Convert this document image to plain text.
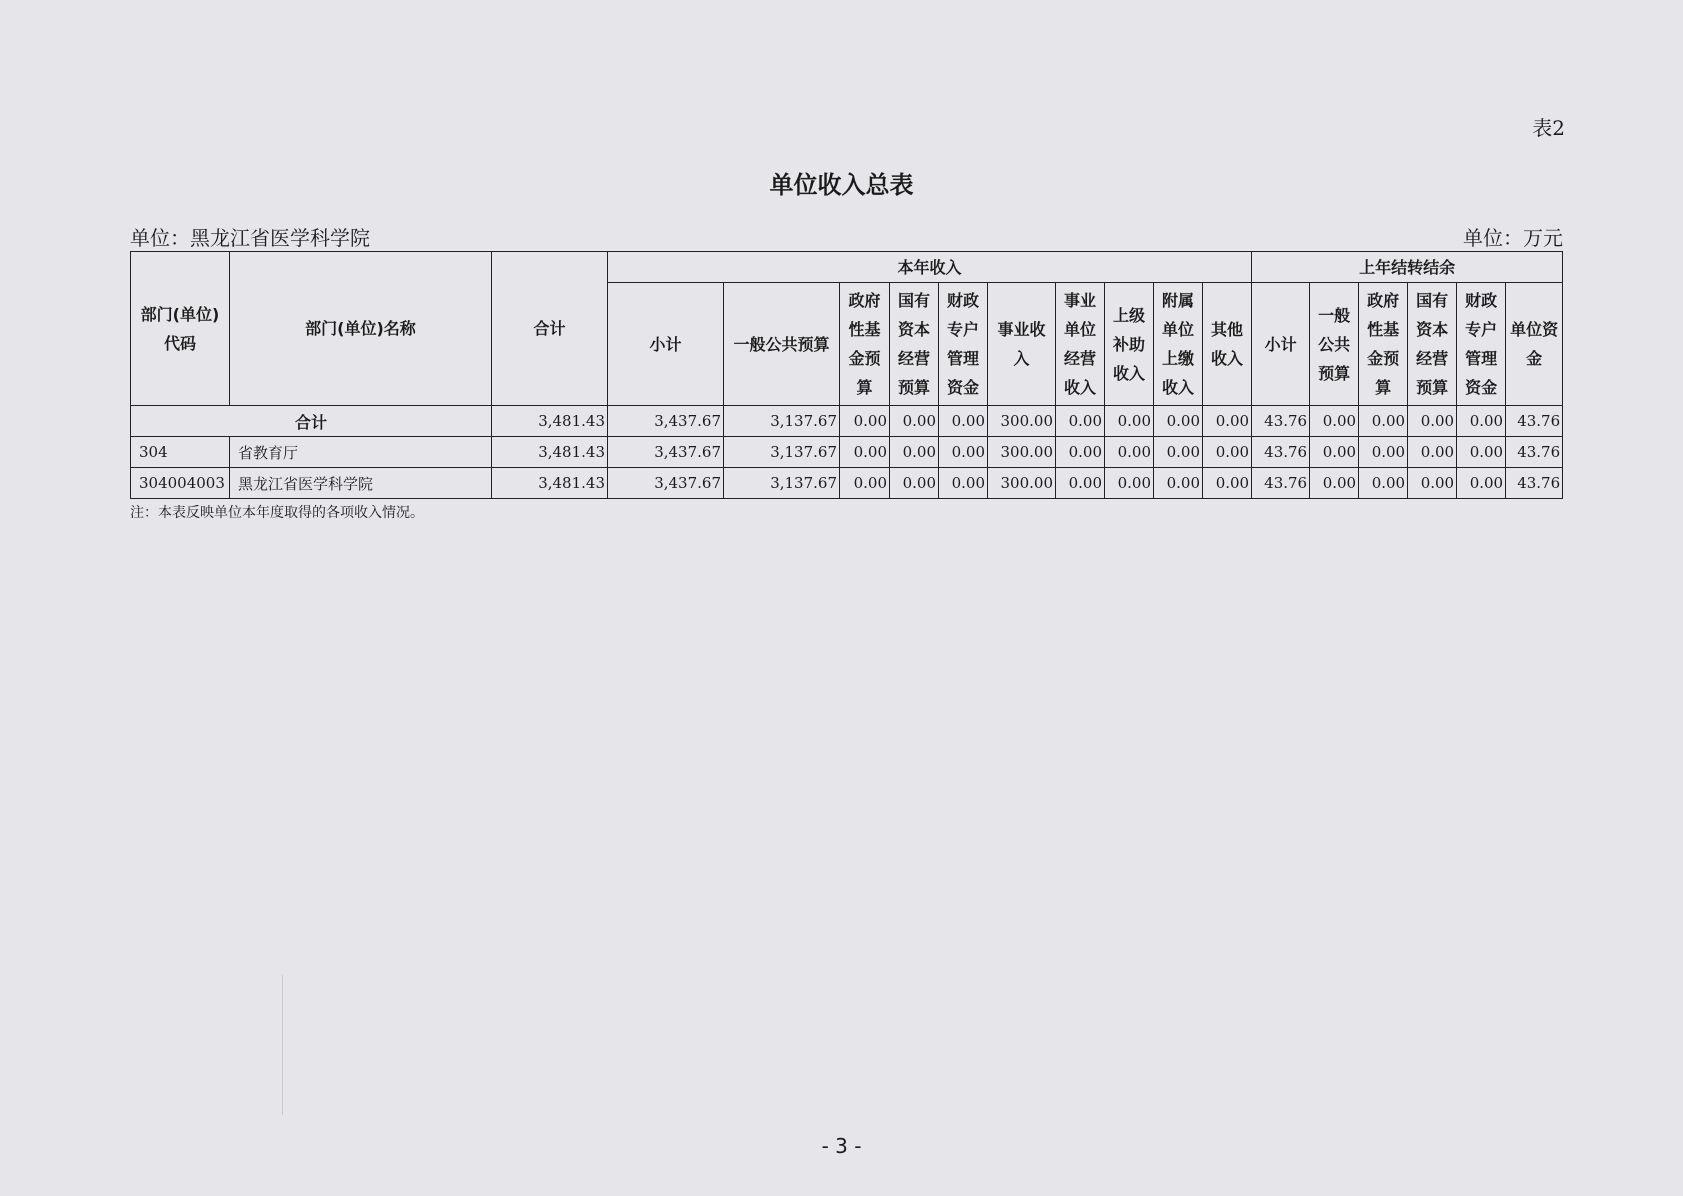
表2
单位收入总表
单位：黑龙江省医学科学院	单位：万元
部门(单位)代码	部门(单位)名称	合计	本年收入										上年结转结余					
			小计	一般公共预算	政府性基金预算	国有资本经营预算	财政专户管理资金	事业收入	事业单位经营收入	上级补助收入	附属单位上缴收入	其他收入	小计	一般公共预算	政府性基金预算	国有资本经营预算	财政专户管理资金	单位资金
合计		3,481.43	3,437.67	3,137.67	0.00	0.00	0.00	300.00	0.00	0.00	0.00	0.00	43.76	0.00	0.00	0.00	0.00	43.76
304	省教育厅	3,481.43	3,437.67	3,137.67	0.00	0.00	0.00	300.00	0.00	0.00	0.00	0.00	43.76	0.00	0.00	0.00	0.00	43.76
304004003	黑龙江省医学科学院	3,481.43	3,437.67	3,137.67	0.00	0.00	0.00	300.00	0.00	0.00	0.00	0.00	43.76	0.00	0.00	0.00	0.00	43.76
注：本表反映单位本年度取得的各项收入情况。
- 3 -
